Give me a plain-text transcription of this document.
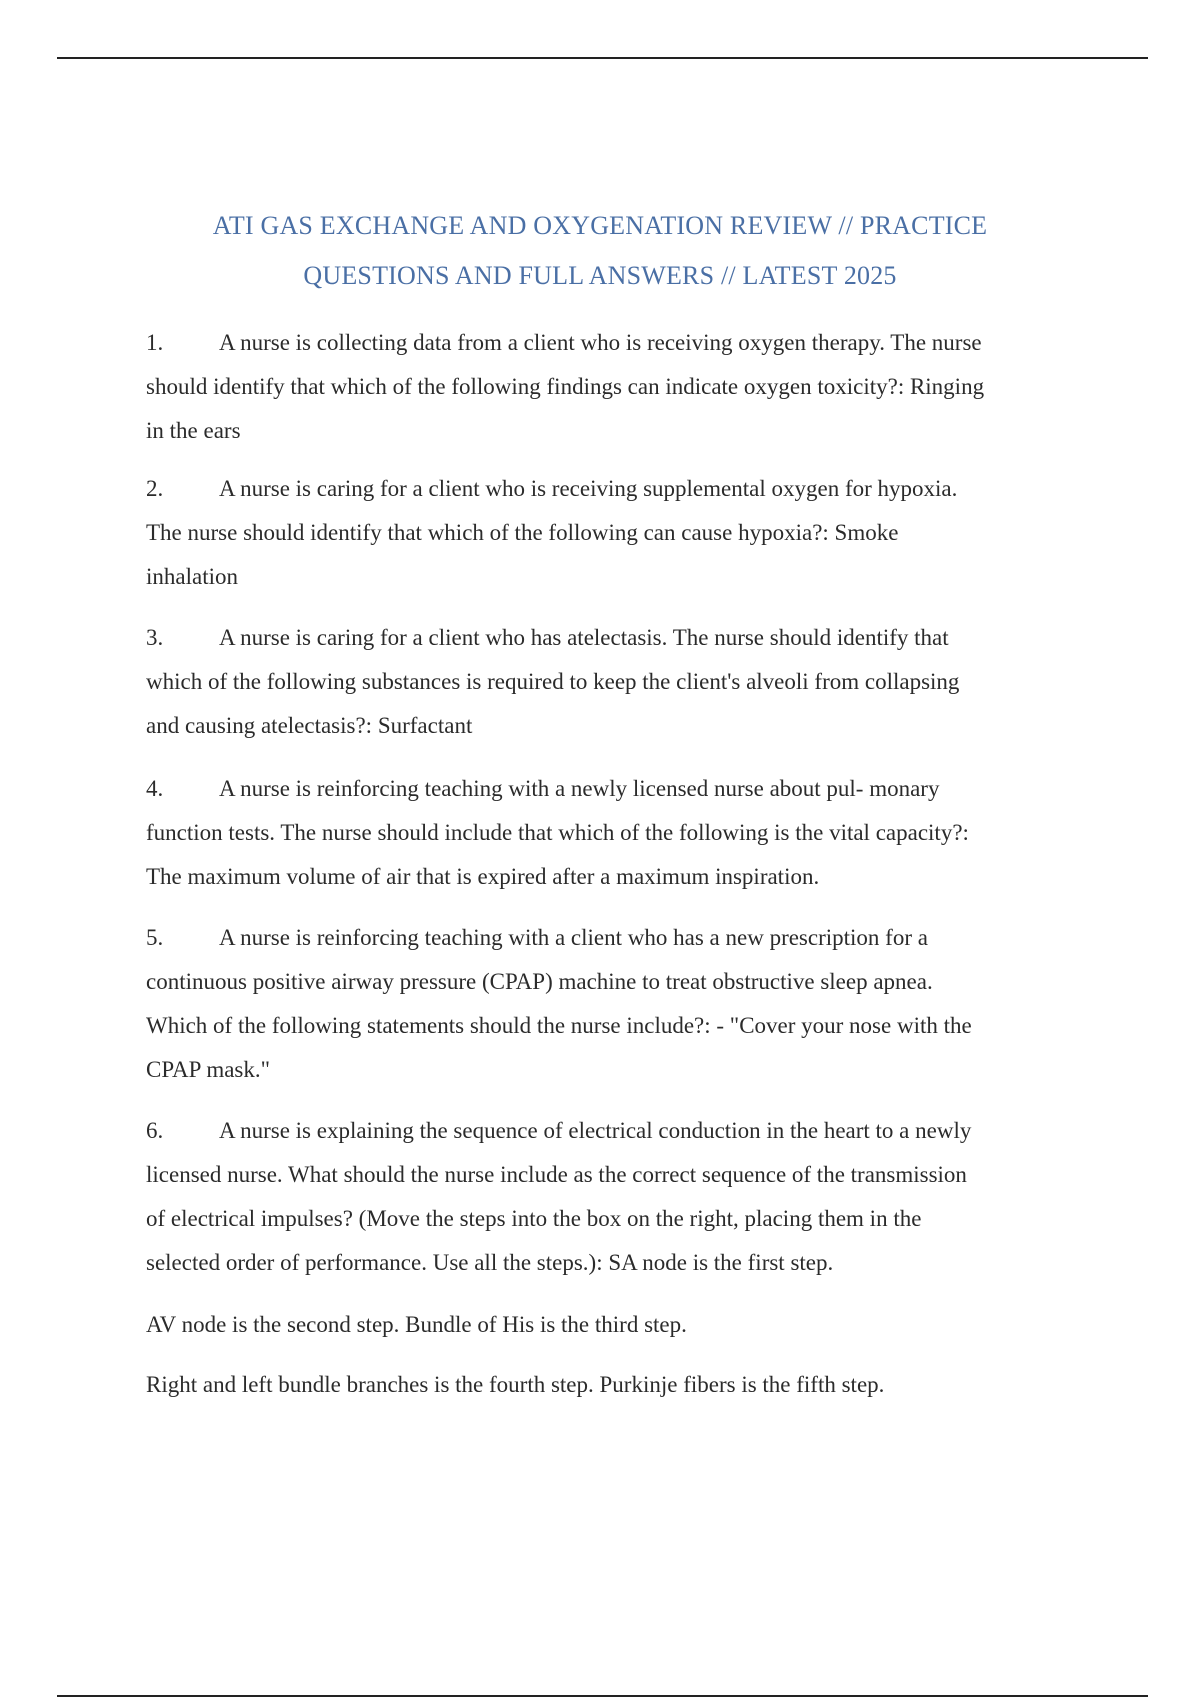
ATI GAS EXCHANGE AND OXYGENATION REVIEW // PRACTICE
QUESTIONS AND FULL ANSWERS // LATEST 2025
1. A nurse is collecting data from a client who is receiving oxygen therapy. The nurse
should identify that which of the following findings can indicate oxygen toxicity?: Ringing
in the ears
2. A nurse is caring for a client who is receiving supplemental oxygen for hypoxia.
The nurse should identify that which of the following can cause hypoxia?: Smoke
inhalation
3. A nurse is caring for a client who has atelectasis. The nurse should identify that
which of the following substances is required to keep the client's alveoli from collapsing
and causing atelectasis?: Surfactant
4. A nurse is reinforcing teaching with a newly licensed nurse about pul- monary
function tests. The nurse should include that which of the following is the vital capacity?:
The maximum volume of air that is expired after a maximum inspiration.
5. A nurse is reinforcing teaching with a client who has a new prescription for a
continuous positive airway pressure (CPAP) machine to treat obstructive sleep apnea.
Which of the following statements should the nurse include?: - "Cover your nose with the
CPAP mask."
6. A nurse is explaining the sequence of electrical conduction in the heart to a newly
licensed nurse. What should the nurse include as the correct sequence of the transmission
of electrical impulses? (Move the steps into the box on the right, placing them in the
selected order of performance. Use all the steps.): SA node is the first step.
AV node is the second step. Bundle of His is the third step.
Right and left bundle branches is the fourth step. Purkinje fibers is the fifth step.
